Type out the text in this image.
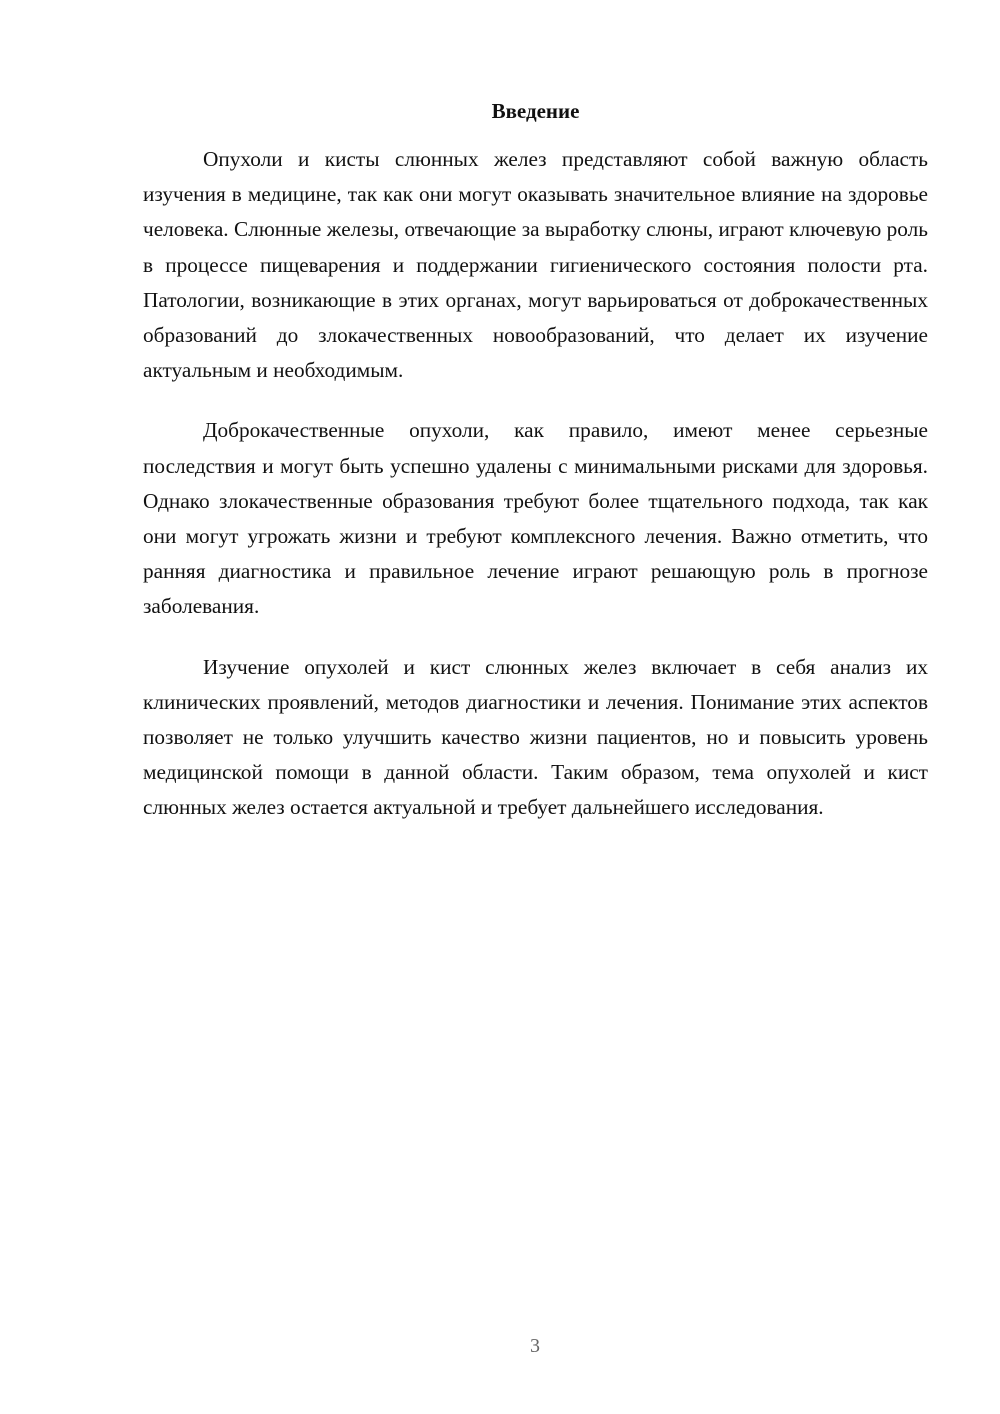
Введение

Опухоли и кисты слюнных желез представляют собой важную область изучения в медицине, так как они могут оказывать значительное влияние на здоровье человека. Слюнные железы, отвечающие за выработку слюны, играют ключевую роль в процессе пищеварения и поддержании гигиенического состояния полости рта. Патологии, возникающие в этих органах, могут варьироваться от доброкачественных образований до злокачественных новообразований, что делает их изучение актуальным и необходимым.

Доброкачественные опухоли, как правило, имеют менее серьезные последствия и могут быть успешно удалены с минимальными рисками для здоровья. Однако злокачественные образования требуют более тщательного подхода, так как они могут угрожать жизни и требуют комплексного лечения. Важно отметить, что ранняя диагностика и правильное лечение играют решающую роль в прогнозе заболевания.

Изучение опухолей и кист слюнных желез включает в себя анализ их клинических проявлений, методов диагностики и лечения. Понимание этих аспектов позволяет не только улучшить качество жизни пациентов, но и повысить уровень медицинской помощи в данной области. Таким образом, тема опухолей и кист слюнных желез остается актуальной и требует дальнейшего исследования.

3
